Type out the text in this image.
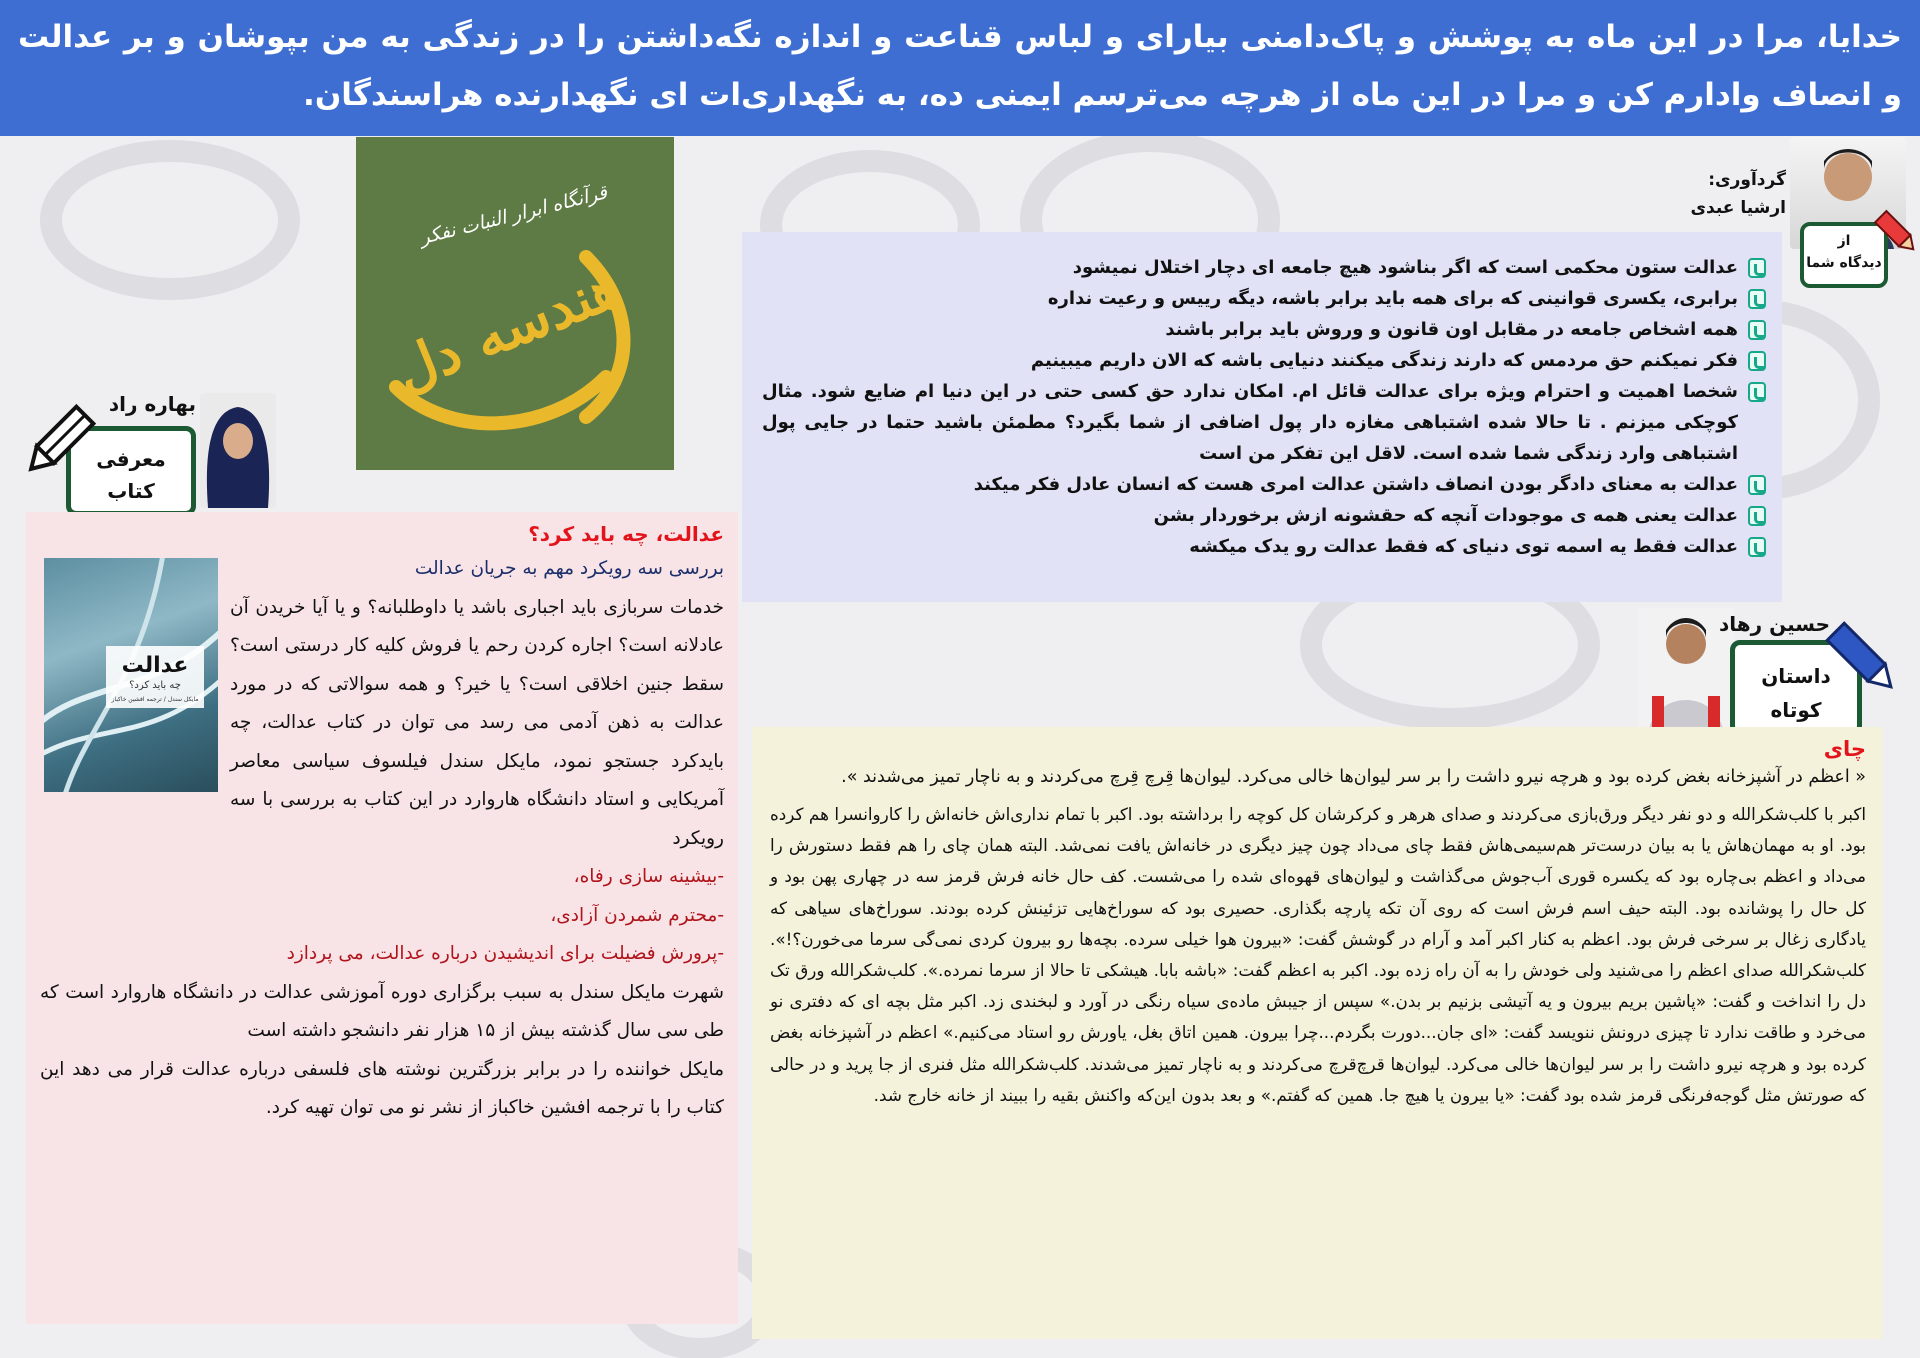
خدایا، مرا در این ماه به پوشش و پاک‌دامنی بیارای و لباس قناعت و اندازه نگه‌داشتن را در زندگی به من بپوشان و بر عدالت و انصاف وادارم کن و مرا در این ماه از هرچه می‌ترسم ایمنی ده، به نگهداری‌ات ای نگهدارنده هراسندگان.
قرآنگاه ابرار النبات نفکر
هندسه دل
گردآوری:
ارشیا عبدی
از
دیدگاه شما
عدالت ستون محکمی است که اگر بناشود هیچ جامعه ای دچار اختلال نمیشود
برابری، یکسری قوانینی که برای همه باید برابر باشه، دیگه رییس و رعیت نداره
همه اشخاص جامعه در مقابل اون قانون و وروش باید برابر باشند
فکر نمیکنم حق مردمس که دارند زندگی میکنند دنیایی باشه که الان داریم میبینیم
شخصا اهمیت و احترام ویژه برای عدالت قائل ام. امکان ندارد حق کسی حتی در این دنیا ام ضایع شود. مثال کوچکی میزنم . تا حالا شده اشتباهی مغازه دار پول اضافی از شما بگیرد؟ مطمئن باشید حتما در جایی پول اشتباهی وارد زندگی شما شده است. لاقل این تفکر من است
عدالت به معنای دادگر بودن انصاف داشتن عدالت امری هست که انسان عادل فکر میکند
عدالت یعنی همه ی موجودات آنچه که حقشونه ازش برخوردار بشن
عدالت فقط یه اسمه توی دنیای که فقط عدالت رو یدک میکشه
بهاره راد
معرفی
کتاب
عدالت، چه باید کرد؟
عدالت
چه باید کرد؟
مایکل سندل / ترجمه افشین خاکباز

بررسی سه رویکرد مهم به جریان عدالت

خدمات سربازی باید اجباری باشد یا داوطلبانه؟ و یا آیا خریدن آن عادلانه است؟ اجاره کردن رحم یا فروش کلیه کار درستی است؟ سقط جنین اخلاقی است؟ یا خیر؟ و همه سوالاتی که در مورد عدالت به ذهن آدمی می رسد می توان در کتاب عدالت، چه بایدکرد جستجو نمود، مایکل سندل فیلسوف سیاسی معاصر آمریکایی و استاد دانشگاه هاروارد در این کتاب به بررسی با سه رویکرد

-بیشینه سازی رفاه،

-محترم شمردن آزادی،

-پرورش فضیلت برای اندیشیدن درباره عدالت، می پردازد

شهرت مایکل سندل به سبب برگزاری دوره آموزشی عدالت در دانشگاه هاروارد است که طی سی سال گذشته بیش از ۱۵ هزار نفر دانشجو داشته است

مایکل خواننده را در برابر بزرگترین نوشته های فلسفی درباره عدالت قرار می دهد این کتاب را با ترجمه افشین خاکباز از نشر نو می توان تهیه کرد.

حسین رهاد
داستان
کوتاه
چای

« اعظم در آشپزخانه بغض کرده بود و هرچه نیرو داشت را بر سر لیوان‌ها خالی می‌کرد. لیوان‌ها قِرچ قِرچ می‌کردند و به ناچار تمیز می‌شدند ».

اکبر با کلب‌شکرالله و دو نفر دیگر ورق‌بازی می‌کردند و صدای هرهر و کرکرشان کل کوچه را برداشته بود. اکبر با تمام نداری‌اش خانه‌اش را کاروانسرا هم کرده بود. او به مهمان‌هاش یا به بیان درست‌تر هم‌سیمی‌هاش فقط چای می‌داد چون چیز دیگری در خانه‌اش یافت نمی‌شد. البته همان چای را هم فقط دستورش را می‌داد و اعظم بی‌چاره بود که یکسره قوری آب‌جوش می‌گذاشت و لیوان‌های قهوه‌ای شده را می‌شست. کف حال خانه فرش قرمز سه در چهاری پهن بود و کل حال را پوشانده بود. البته حیف اسم فرش است که روی آن تکه پارچه بگذاری. حصیری بود که سوراخ‌هایی تزئینش کرده بودند. سوراخ‌های سیاهی که یادگاری زغال بر سرخی فرش بود. اعظم به کنار اکبر آمد و آرام در گوشش گفت: «بیرون هوا خیلی سرده. بچه‌ها رو بیرون کردی نمی‌گی سرما می‌خورن؟!». کلب‌شکرالله صدای اعظم را می‌شنید ولی خودش را به آن راه زده بود. اکبر به اعظم گفت: «باشه بابا. هیشکی تا حالا از سرما نمرده.». کلب‌شکرالله ورق تک دل را انداخت و گفت: «پاشین بریم بیرون و یه آتیشی بزنیم بر بدن.» سپس از جیبش ماده‌ی سیاه رنگی در آورد و لبخندی زد. اکبر مثل بچه ای که دفتری نو می‌خرد و طاقت ندارد تا چیزی درونش ننویسد گفت: «ای جان...دورت بگردم...چرا بیرون. همین اتاق بغل، یاورش رو استاد می‌کنیم.» اعظم در آشپزخانه بغض کرده بود و هرچه نیرو داشت را بر سر لیوان‌ها خالی می‌کرد. لیوان‌ها قرچ‌قرچ می‌کردند و به ناچار تمیز می‌شدند. کلب‌شکرالله مثل فنری از جا پرید و در حالی که صورتش مثل گوجه‌فرنگی قرمز شده بود گفت: «یا بیرون یا هیچ جا. همین که گفتم.» و بعد بدون این‌که واکنش بقیه را ببیند از خانه خارج شد.
